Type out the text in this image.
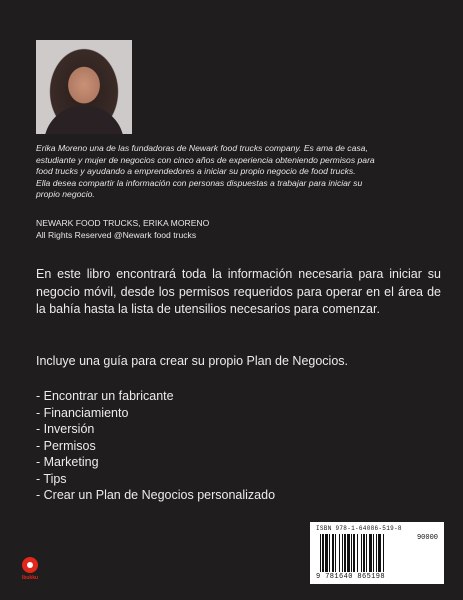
Erika Moreno una de las fundadoras de Newark food trucks company. Es ama de casa,
estudiante y mujer de negocios con cinco años de experiencia obteniendo permisos para
food trucks y ayudando a emprendedores a iniciar su propio negocio de food trucks.
Ella desea compartir la información con personas dispuestas a trabajar para iniciar su
propio negocio.

NEWARK FOOD TRUCKS, ERIKA MORENO
All Rights Reserved @Newark food trucks

En este libro encontrará toda la información necesaria para iniciar su negocio móvil, desde los permisos requeridos para operar en el área de la bahía hasta la lista de utensilios necesarios para comenzar.

Incluye una guía para crear su propio Plan de Negocios.

- Encontrar un fabricante
- Financiamiento
- Inversión
- Permisos
- Marketing
- Tips
- Crear un Plan de Negocios personalizado
Ibukku
ISBN 978-1-64086-519-8
90000
9 781640 865198
